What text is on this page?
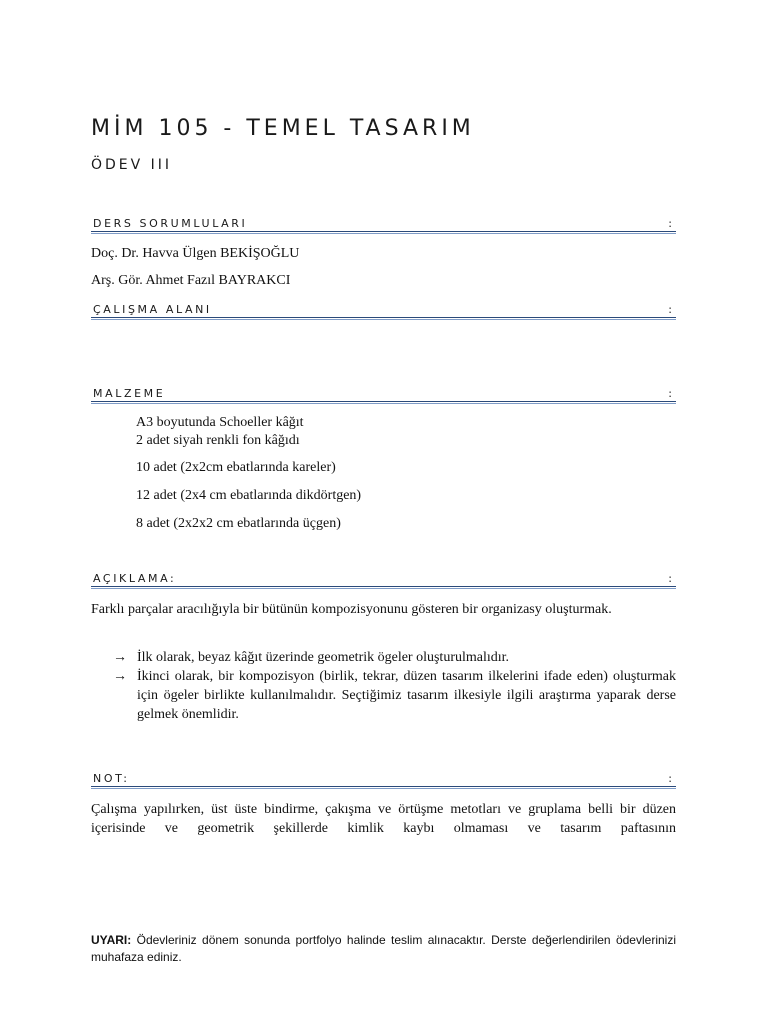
MİM 105 - TEMEL TASARIM
ÖDEV III
DERS SORUMLULARI	:
Doç. Dr. Havva Ülgen BEKİŞOĞLU
Arş. Gör. Ahmet Fazıl BAYRAKCI
ÇALIŞMA ALANI	:
MALZEME	:
A3 boyutunda Schoeller kâğıt
2 adet siyah renkli fon kâğıdı
10 adet (2x2cm ebatlarında kareler)
12 adet (2x4 cm ebatlarında dikdörtgen)
8 adet (2x2x2 cm ebatlarında üçgen)
AÇIKLAMA:	:
Farklı parçalar aracılığıyla bir bütünün kompozisyonunu gösteren bir organizasy oluşturmak.
→ İlk olarak, beyaz kâğıt üzerinde geometrik ögeler oluşturulmalıdır.
→ İkinci olarak, bir kompozisyon (birlik, tekrar, düzen tasarım ilkelerini ifade eden) oluşturmak için ögeler birlikte kullanılmalıdır. Seçtiğimiz tasarım ilkesiyle ilgili araştırma yaparak derse gelmek önemlidir.
NOT:	:
Çalışma yapılırken, üst üste bindirme, çakışma ve örtüşme metotları ve gruplama belli bir düzen içerisinde ve geometrik şekillerde kimlik kaybı olmaması ve tasarım paftasının
UYARI: Ödevleriniz dönem sonunda portfolyo halinde teslim alınacaktır. Derste değerlendirilen ödevlerinizi muhafaza ediniz.
